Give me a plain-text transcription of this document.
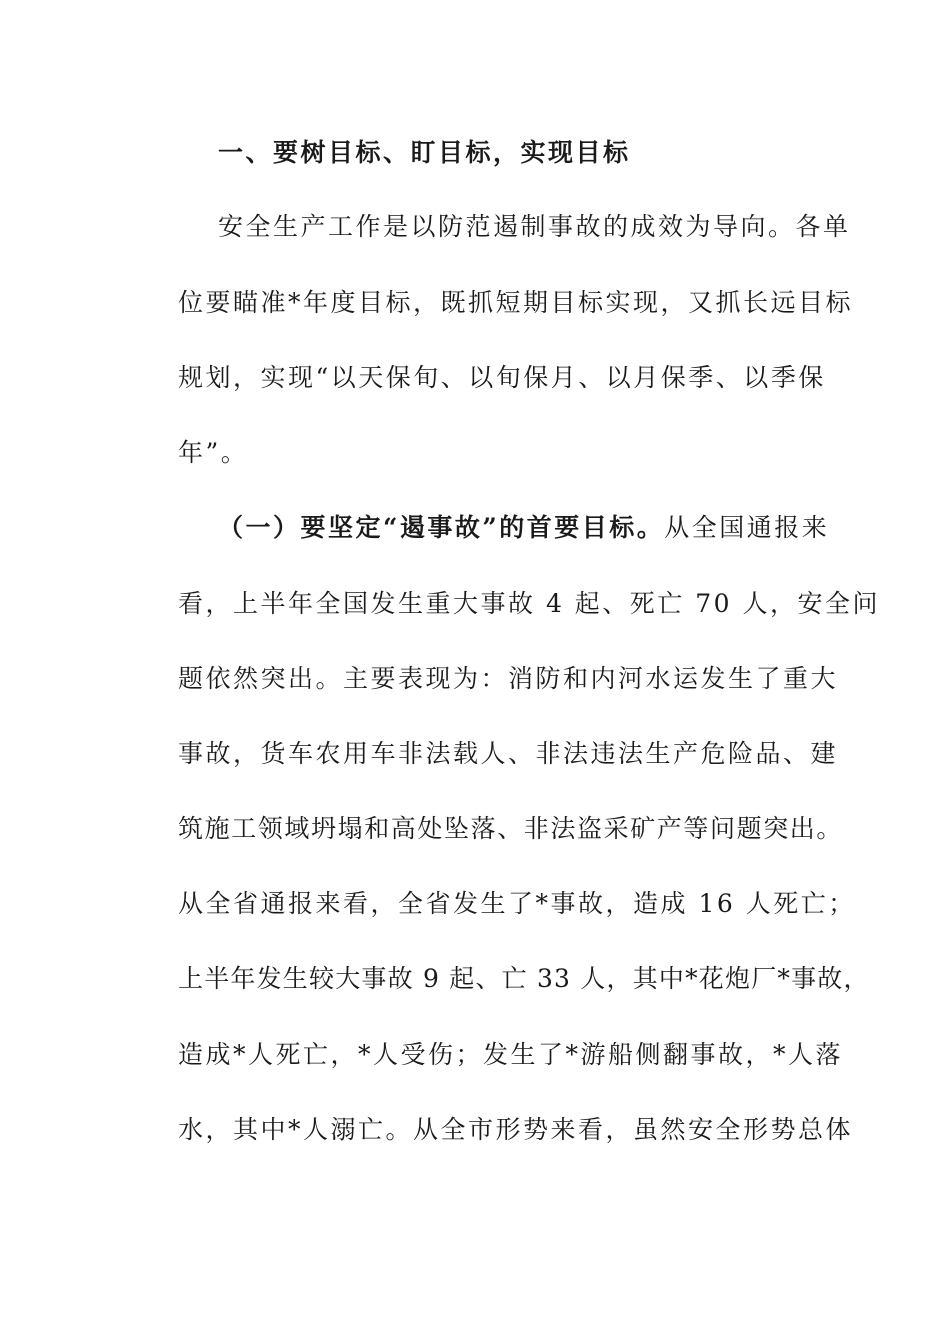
一、要树目标、盯目标，实现目标
安全生产工作是以防范遏制事故的成效为导向。各单
位要瞄准*年度目标，既抓短期目标实现，又抓长远目标
规划，实现“以天保旬、以旬保月、以月保季、以季保
年”。
（一）要坚定“遏事故”的首要目标。从全国通报来
看，上半年全国发生重大事故 4 起、死亡 70 人，安全问
题依然突出。主要表现为：消防和内河水运发生了重大
事故，货车农用车非法载人、非法违法生产危险品、建
筑施工领域坍塌和高处坠落、非法盗采矿产等问题突出。
从全省通报来看，全省发生了*事故，造成 16 人死亡；
上半年发生较大事故 9 起、亡 33 人，其中*花炮厂*事故，
造成*人死亡，*人受伤；发生了*游船侧翻事故，*人落
水，其中*人溺亡。从全市形势来看，虽然安全形势总体
